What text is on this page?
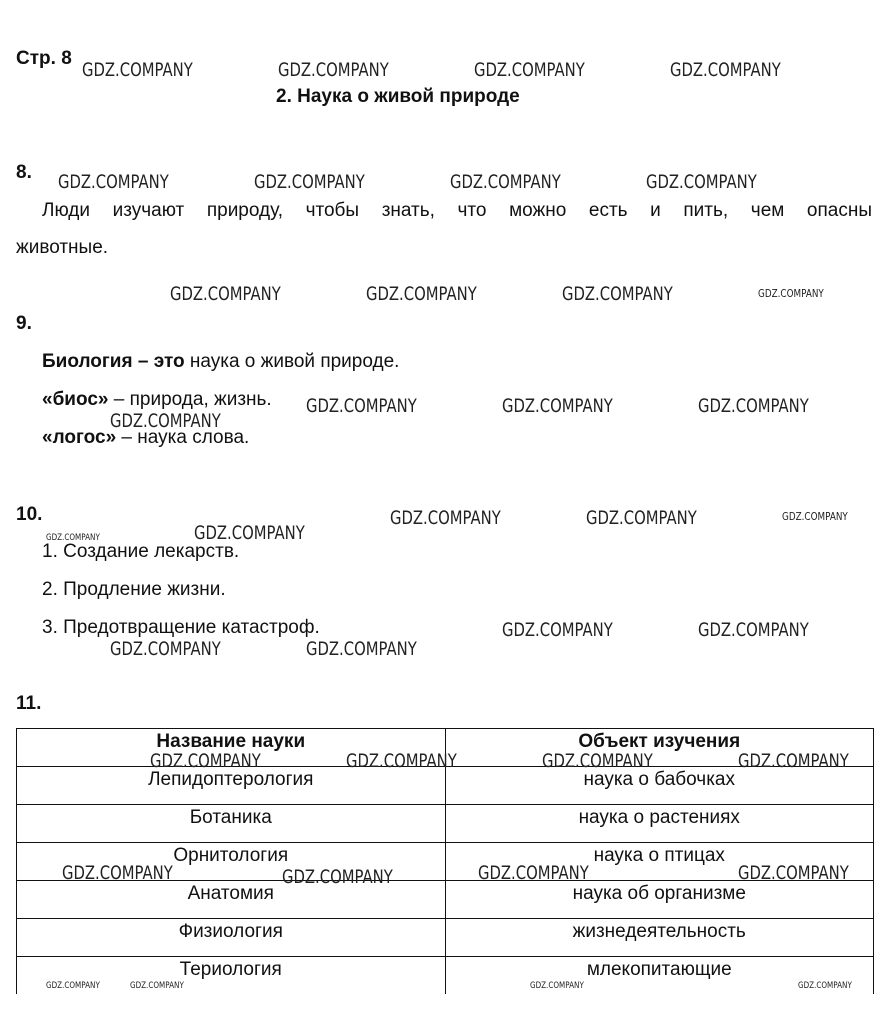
Стр. 8
2. Наука о живой природе
8.
Люди изучают природу, чтобы знать, что можно есть и пить, чем опасны
животные.
9.
Биология – это наука о живой природе.
«биос» – природа, жизнь.
«логос» – наука слова.
10.
1. Создание лекарств.
2. Продление жизни.
3. Предотвращение катастроф.
11.
Название науки	Объект изучения
Лепидоптерология	наука о бабочках
Ботаника	наука о растениях
Орнитология	наука о птицах
Анатомия	наука об организме
Физиология	жизнедеятельность
Териология	млекопитающие
GDZ.COMPANY	GDZ.COMPANY	GDZ.COMPANY	GDZ.COMPANY
GDZ.COMPANY	GDZ.COMPANY	GDZ.COMPANY	GDZ.COMPANY
GDZ.COMPANY	GDZ.COMPANY	GDZ.COMPANY	GDZ.COMPANY
GDZ.COMPANY	GDZ.COMPANY	GDZ.COMPANY
GDZ.COMPANY
GDZ.COMPANY	GDZ.COMPANY	GDZ.COMPANY
GDZ.COMPANY	GDZ.COMPANY
GDZ.COMPANY	GDZ.COMPANY
GDZ.COMPANY	GDZ.COMPANY
GDZ.COMPANY	GDZ.COMPANY	GDZ.COMPANY	GDZ.COMPANY
GDZ.COMPANY	GDZ.COMPANY	GDZ.COMPANY	GDZ.COMPANY
GDZ.COMPANY	GDZ.COMPANY	GDZ.COMPANY	GDZ.COMPANY
